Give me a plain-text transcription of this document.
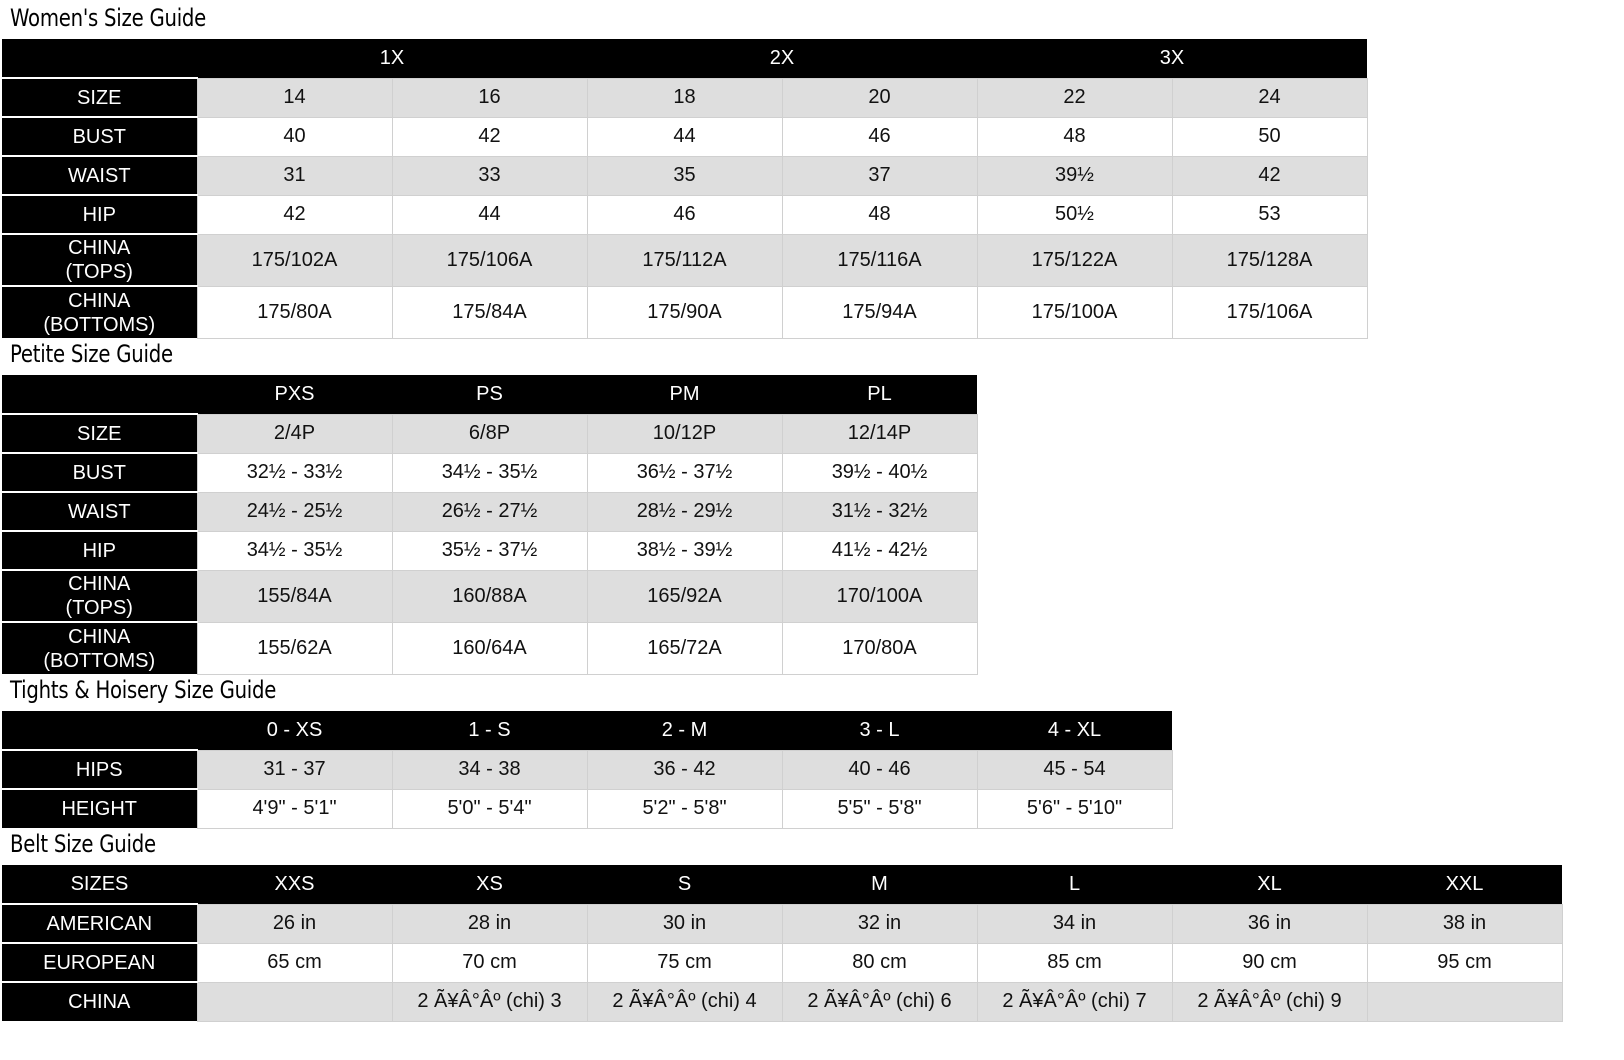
Women's Size Guide
	1X		2X		3X	
SIZE	14	16	18	20	22	24
BUST	40	42	44	46	48	50
WAIST	31	33	35	37	39½	42
HIP	42	44	46	48	50½	53
CHINA
(TOPS)	175/102A	175/106A	175/112A	175/116A	175/122A	175/128A
CHINA
(BOTTOMS)	175/80A	175/84A	175/90A	175/94A	175/100A	175/106A
Petite Size Guide
	PXS	PS	PM	PL
SIZE	2/4P	6/8P	10/12P	12/14P
BUST	32½ - 33½	34½ - 35½	36½ - 37½	39½ - 40½
WAIST	24½ - 25½	26½ - 27½	28½ - 29½	31½ - 32½
HIP	34½ - 35½	35½ - 37½	38½ - 39½	41½ - 42½
CHINA
(TOPS)	155/84A	160/88A	165/92A	170/100A
CHINA
(BOTTOMS)	155/62A	160/64A	165/72A	170/80A
Tights & Hoisery Size Guide
	0 - XS	1 - S	2 - M	3 - L	4 - XL
HIPS	31 - 37	34 - 38	36 - 42	40 - 46	45 - 54
HEIGHT	4'9" - 5'1"	5'0" - 5'4"	5'2" - 5'8"	5'5" - 5'8"	5'6" - 5'10"
Belt Size Guide
SIZES	XXS	XS	S	M	L	XL	XXL
AMERICAN	26 in	28 in	30 in	32 in	34 in	36 in	38 in
EUROPEAN	65 cm	70 cm	75 cm	80 cm	85 cm	90 cm	95 cm
CHINA		2 Ã¥Â°Âº (chi) 3	2 Ã¥Â°Âº (chi) 4	2 Ã¥Â°Âº (chi) 6	2 Ã¥Â°Âº (chi) 7	2 Ã¥Â°Âº (chi) 9	
